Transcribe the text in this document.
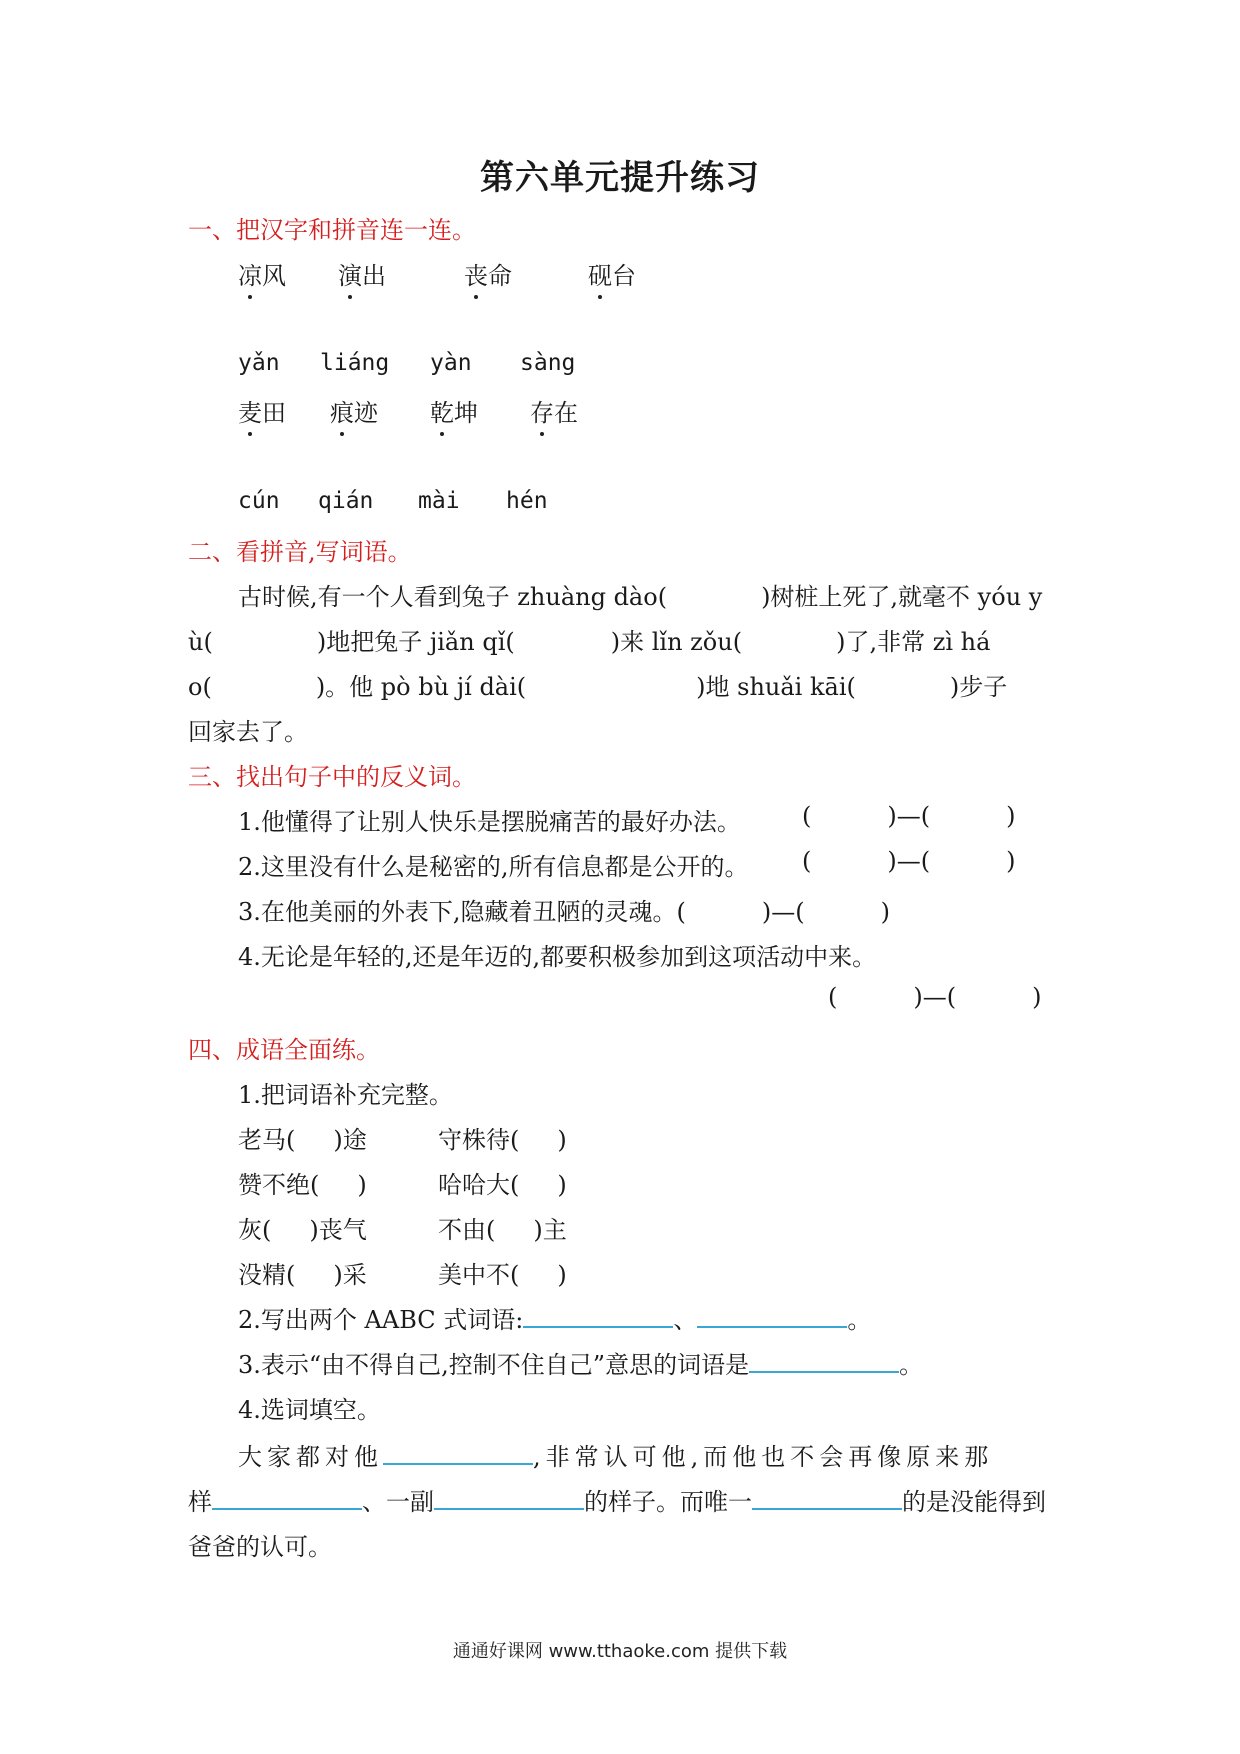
第六单元提升练习
一、把汉字和拼音连一连。
凉风 演出	丧命	砚台
yǎn liáng yàn sàng
麦田 痕迹 乾坤 存在
cún qián mài hén
二、看拼音,写词语。
古时候,有一个人看到兔子 zhuàng dào(	)树桩上死了,就毫不 yóu y
ù(	)地把兔子 jiǎn qǐ(	)来 lǐn zǒu(	)了,非常 zì há
o(	)。他 pò bù jí dài(	)地 shuǎi kāi(	)步子
回家去了。
三、找出句子中的反义词。
1.他懂得了让别人快乐是摆脱痛苦的最好办法。	(	)—(	)
2.这里没有什么是秘密的,所有信息都是公开的。 (	)—(	)
3.在他美丽的外表下,隐藏着丑陋的灵魂。(	)—(	)
4.无论是年轻的,还是年迈的,都要积极参加到这项活动中来。
(	)—(	)
四、成语全面练。
1.把词语补充完整。
老马( )途	守株待( )
赞不绝( )	哈哈大( )
灰( )丧气	不由( )主
没精( )采	美中不( )
2.写出两个 AABC 式词语:	、	。
3.表示“由不得自己,控制不住自己”意思的词语是	。
4.选词填空。
大家都对他	,非常认可他,而他也不会再像原来那
样	、一副	的样子。而唯一	的是没能得到
爸爸的认可。
通通好课网 www.tthaoke.com 提供下载
